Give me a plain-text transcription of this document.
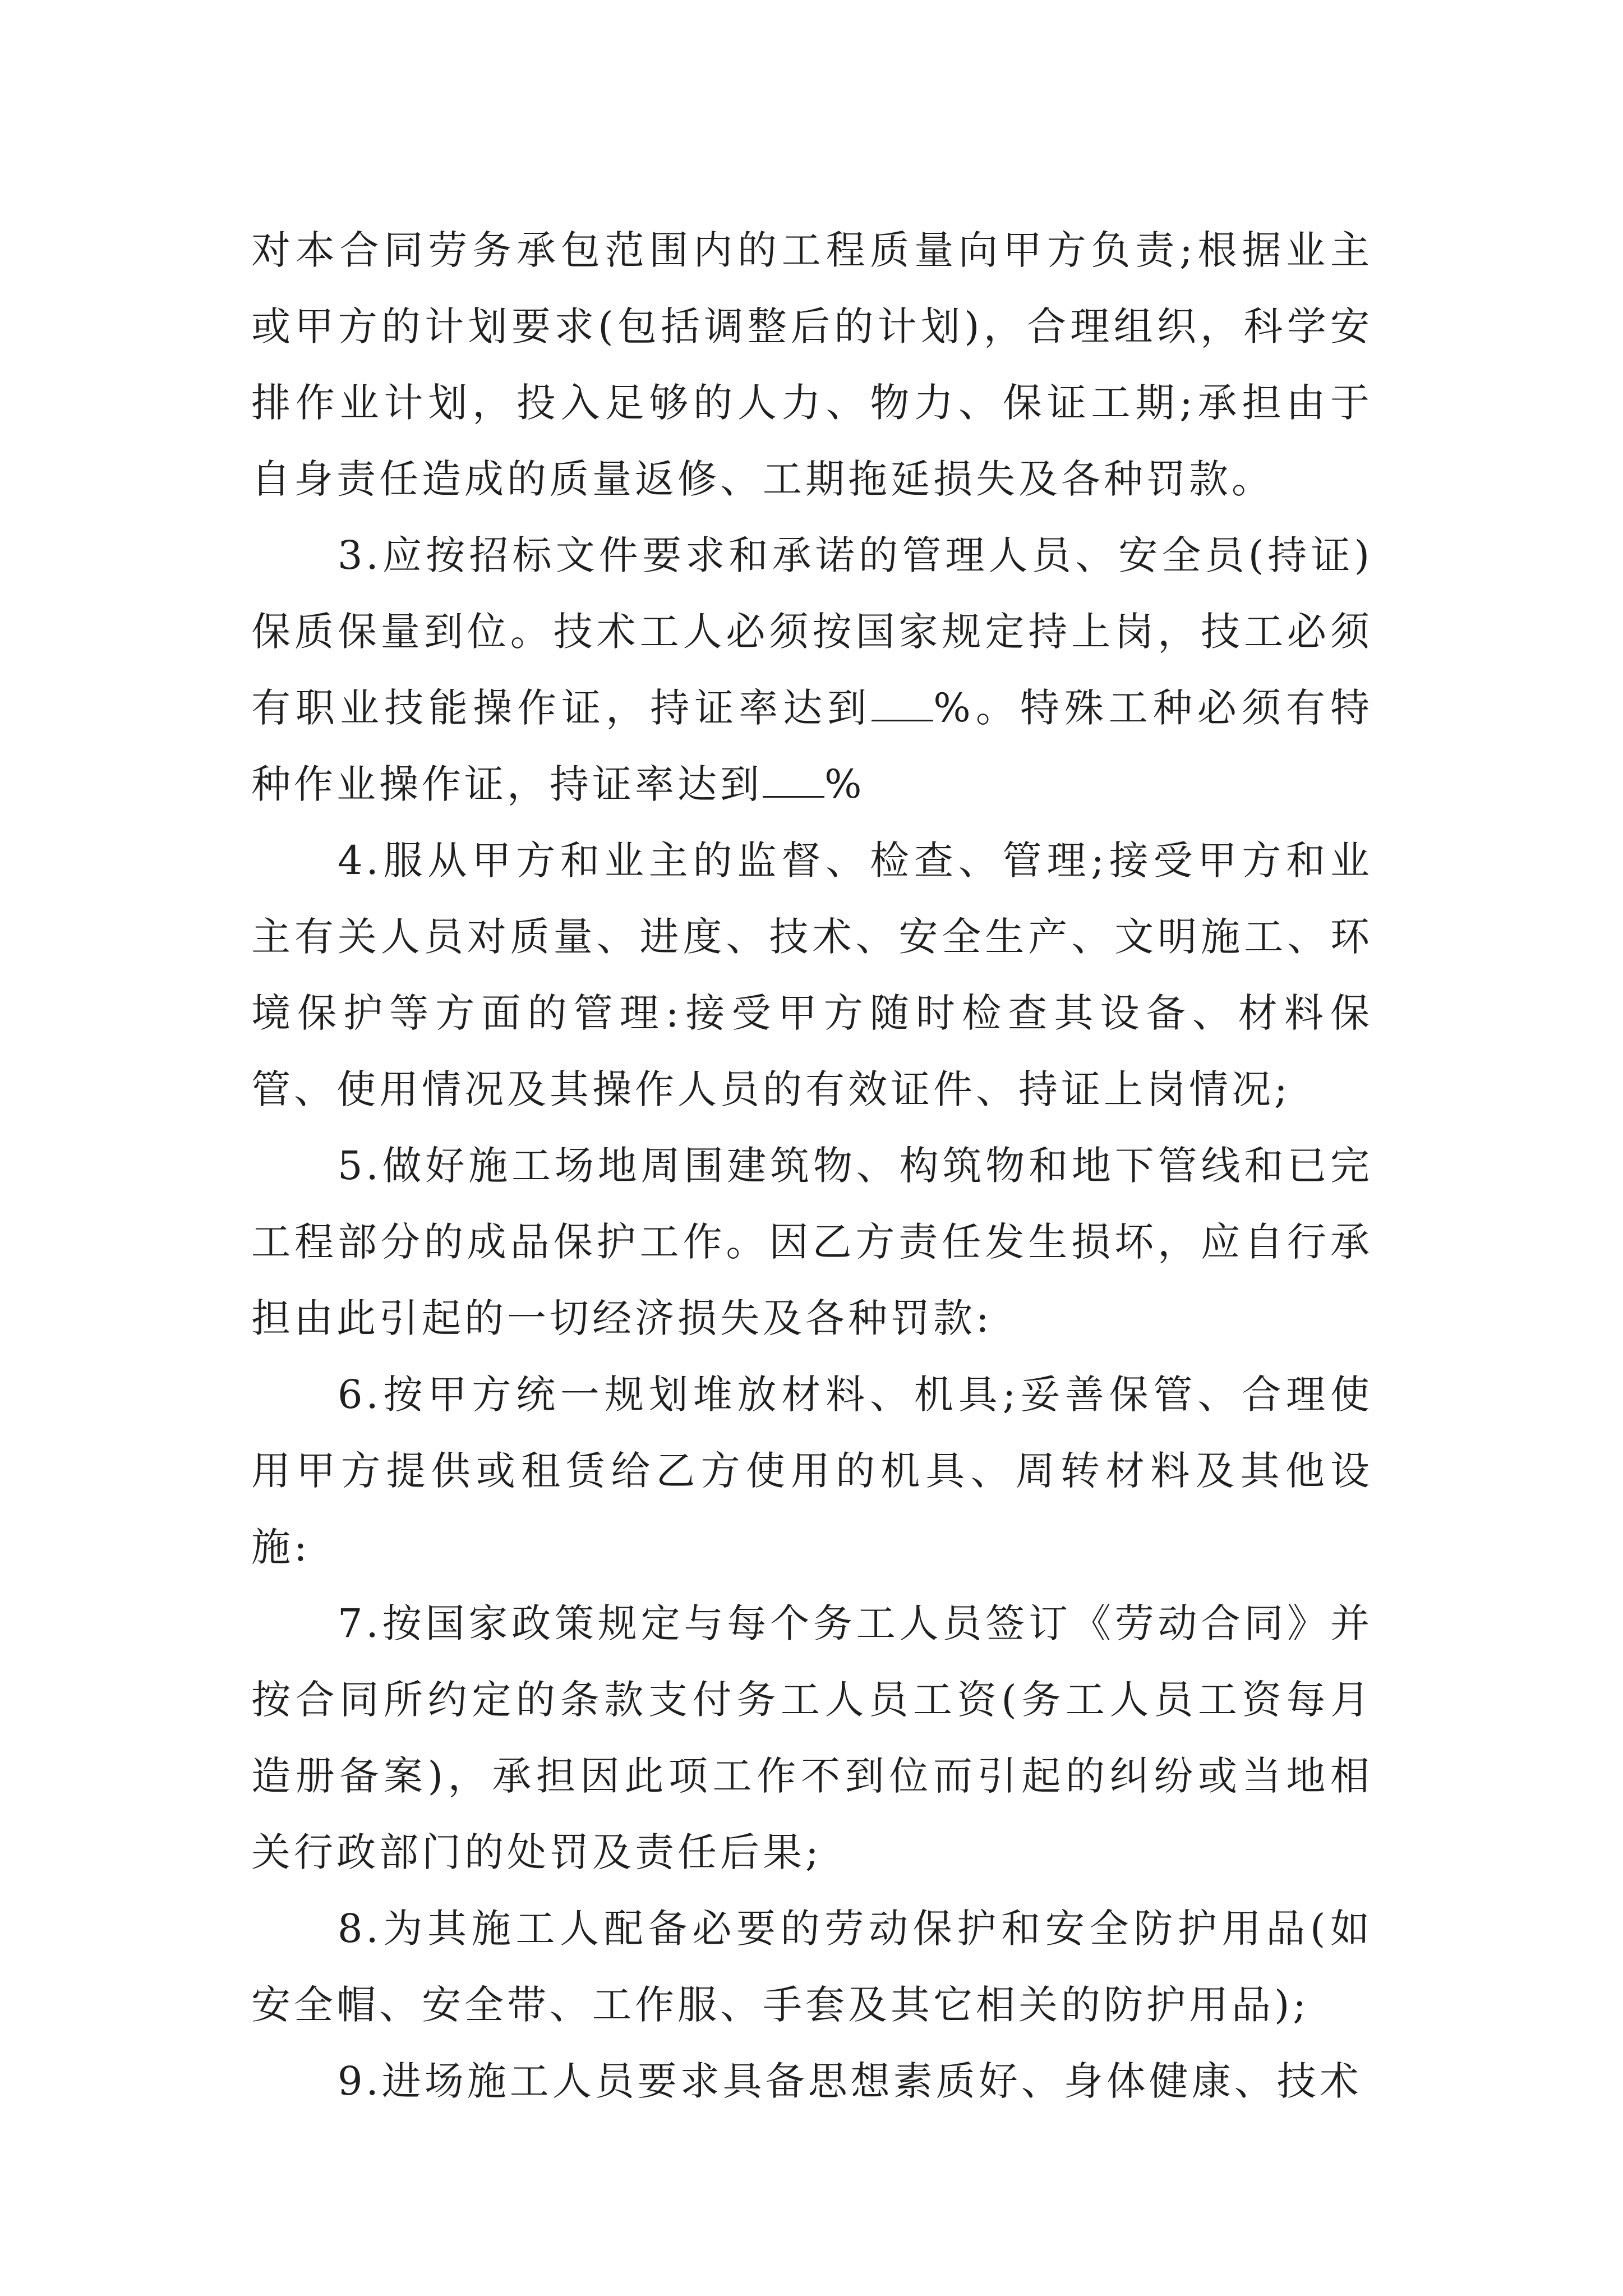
对本合同劳务承包范围内的工程质量向甲方负责;根据业主或甲方的计划要求(包括调整后的计划)，合理组织，科学安排作业计划，投入足够的人力、物力、保证工期;承担由于自身责任造成的质量返修、工期拖延损失及各种罚款。

3.应按招标文件要求和承诺的管理人员、安全员(持证)保质保量到位。技术工人必须按国家规定持上岗，技工必须有职业技能操作证，持证率达到 %。特殊工种必须有特种作业操作证，持证率达到 %

4.服从甲方和业主的监督、检查、管理;接受甲方和业主有关人员对质量、进度、技术、安全生产、文明施工、环境保护等方面的管理:接受甲方随时检查其设备、材料保管、使用情况及其操作人员的有效证件、持证上岗情况;

5.做好施工场地周围建筑物、构筑物和地下管线和已完工程部分的成品保护工作。因乙方责任发生损坏，应自行承担由此引起的一切经济损失及各种罚款:

6.按甲方统一规划堆放材料、机具;妥善保管、合理使用甲方提供或租赁给乙方使用的机具、周转材料及其他设施:

7.按国家政策规定与每个务工人员签订《劳动合同》并按合同所约定的条款支付务工人员工资(务工人员工资每月造册备案)，承担因此项工作不到位而引起的纠纷或当地相关行政部门的处罚及责任后果;

8.为其施工人配备必要的劳动保护和安全防护用品(如安全帽、安全带、工作服、手套及其它相关的防护用品);

9.进场施工人员要求具备思想素质好、身体健康、技术
